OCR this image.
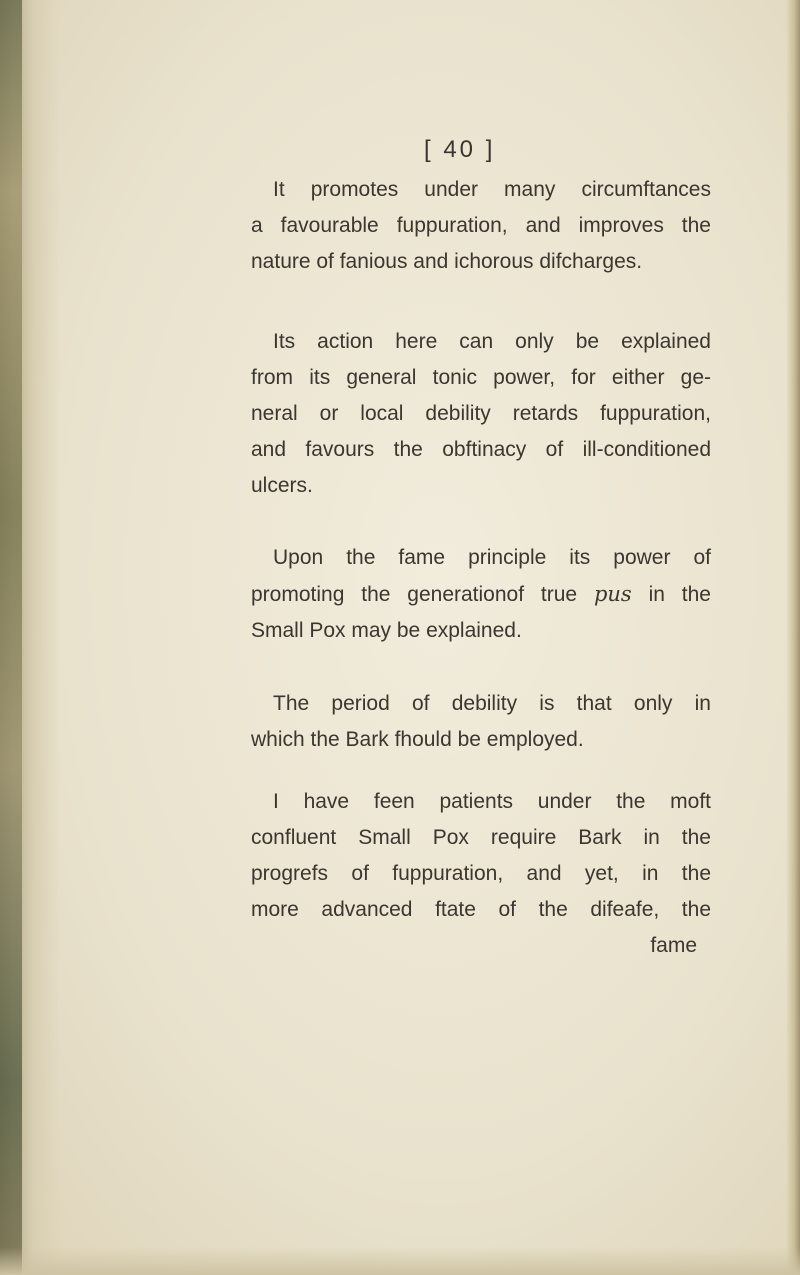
[ 40 ]
It promotes under many circumftances
a favourable fuppuration, and improves the
nature of fanious and ichorous difcharges.
Its action here can only be explained
from its general tonic power, for either ge-
neral or local debility retards fuppuration,
and favours the obftinacy of ill-conditioned
ulcers.
Upon the fame principle its power of
promoting the generationof true pus in the
Small Pox may be explained.
The period of debility is that only in
which the Bark fhould be employed.
I have feen patients under the moft
confluent Small Pox require Bark in the
progrefs of fuppuration, and yet, in the
more advanced ftate of the difeafe, the
fame
